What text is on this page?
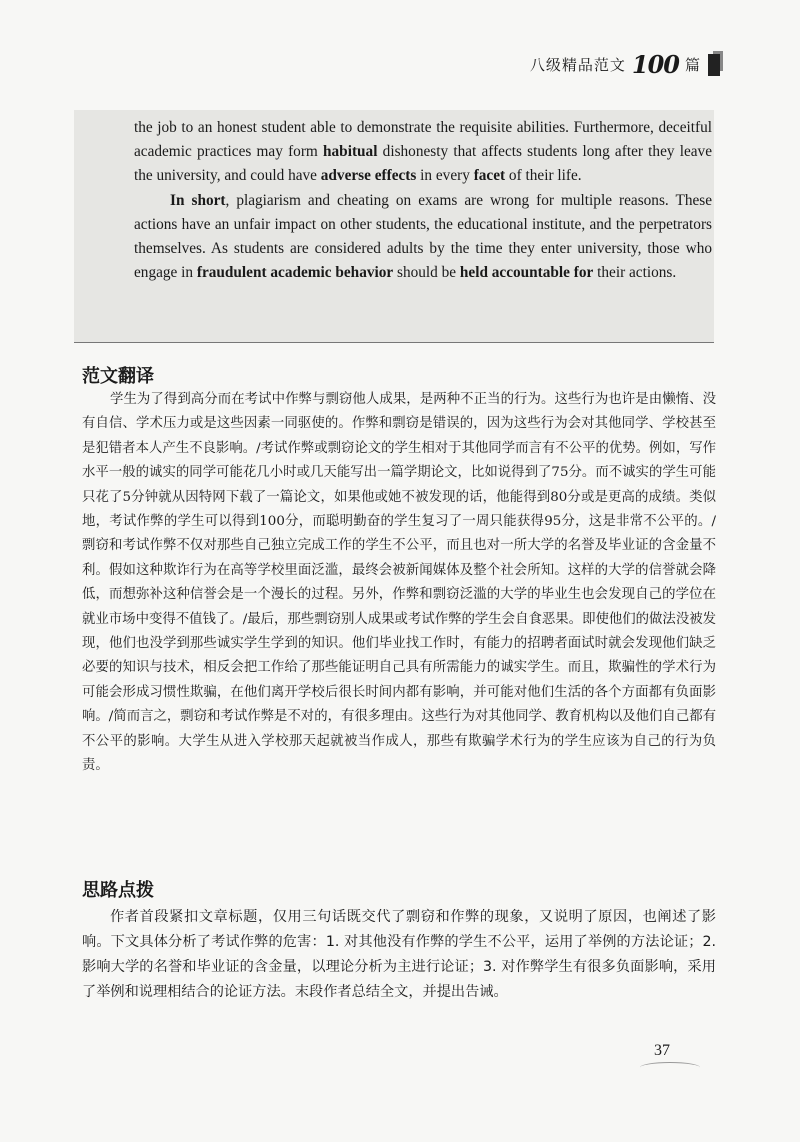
八级精品范文 100 篇

the job to an honest student able to demonstrate the requisite abilities. Furthermore, deceitful academic practices may form habitual dishonesty that affects students long after they leave the university, and could have adverse effects in every facet of their life.

In short, plagiarism and cheating on exams are wrong for multiple reasons. These actions have an unfair impact on other students, the educational institute, and the perpetrators themselves. As students are considered adults by the time they enter university, those who engage in fraudulent academic behavior should be held accountable for their actions.

范文翻译

学生为了得到高分而在考试中作弊与剽窃他人成果，是两种不正当的行为。这些行为也许是由懒惰、没有自信、学术压力或是这些因素一同驱使的。作弊和剽窃是错误的，因为这些行为会对其他同学、学校甚至是犯错者本人产生不良影响。/考试作弊或剽窃论文的学生相对于其他同学而言有不公平的优势。例如，写作水平一般的诚实的同学可能花几小时或几天能写出一篇学期论文，比如说得到了75分。而不诚实的学生可能只花了5分钟就从因特网下载了一篇论文，如果他或她不被发现的话，他能得到80分或是更高的成绩。类似地，考试作弊的学生可以得到100分，而聪明勤奋的学生复习了一周只能获得95分，这是非常不公平的。/剽窃和考试作弊不仅对那些自己独立完成工作的学生不公平，而且也对一所大学的名誉及毕业证的含金量不利。假如这种欺诈行为在高等学校里面泛滥，最终会被新闻媒体及整个社会所知。这样的大学的信誉就会降低，而想弥补这种信誉会是一个漫长的过程。另外，作弊和剽窃泛滥的大学的毕业生也会发现自己的学位在就业市场中变得不值钱了。/最后，那些剽窃别人成果或考试作弊的学生会自食恶果。即使他们的做法没被发现，他们也没学到那些诚实学生学到的知识。他们毕业找工作时，有能力的招聘者面试时就会发现他们缺乏必要的知识与技术，相反会把工作给了那些能证明自己具有所需能力的诚实学生。而且，欺骗性的学术行为可能会形成习惯性欺骗，在他们离开学校后很长时间内都有影响，并可能对他们生活的各个方面都有负面影响。/简而言之，剽窃和考试作弊是不对的，有很多理由。这些行为对其他同学、教育机构以及他们自己都有不公平的影响。大学生从进入学校那天起就被当作成人，那些有欺骗学术行为的学生应该为自己的行为负责。

思路点拨

作者首段紧扣文章标题，仅用三句话既交代了剽窃和作弊的现象，又说明了原因，也阐述了影响。下文具体分析了考试作弊的危害：1. 对其他没有作弊的学生不公平，运用了举例的方法论证；2. 影响大学的名誉和毕业证的含金量，以理论分析为主进行论证；3. 对作弊学生有很多负面影响，采用了举例和说理相结合的论证方法。末段作者总结全文，并提出告诫。

37
